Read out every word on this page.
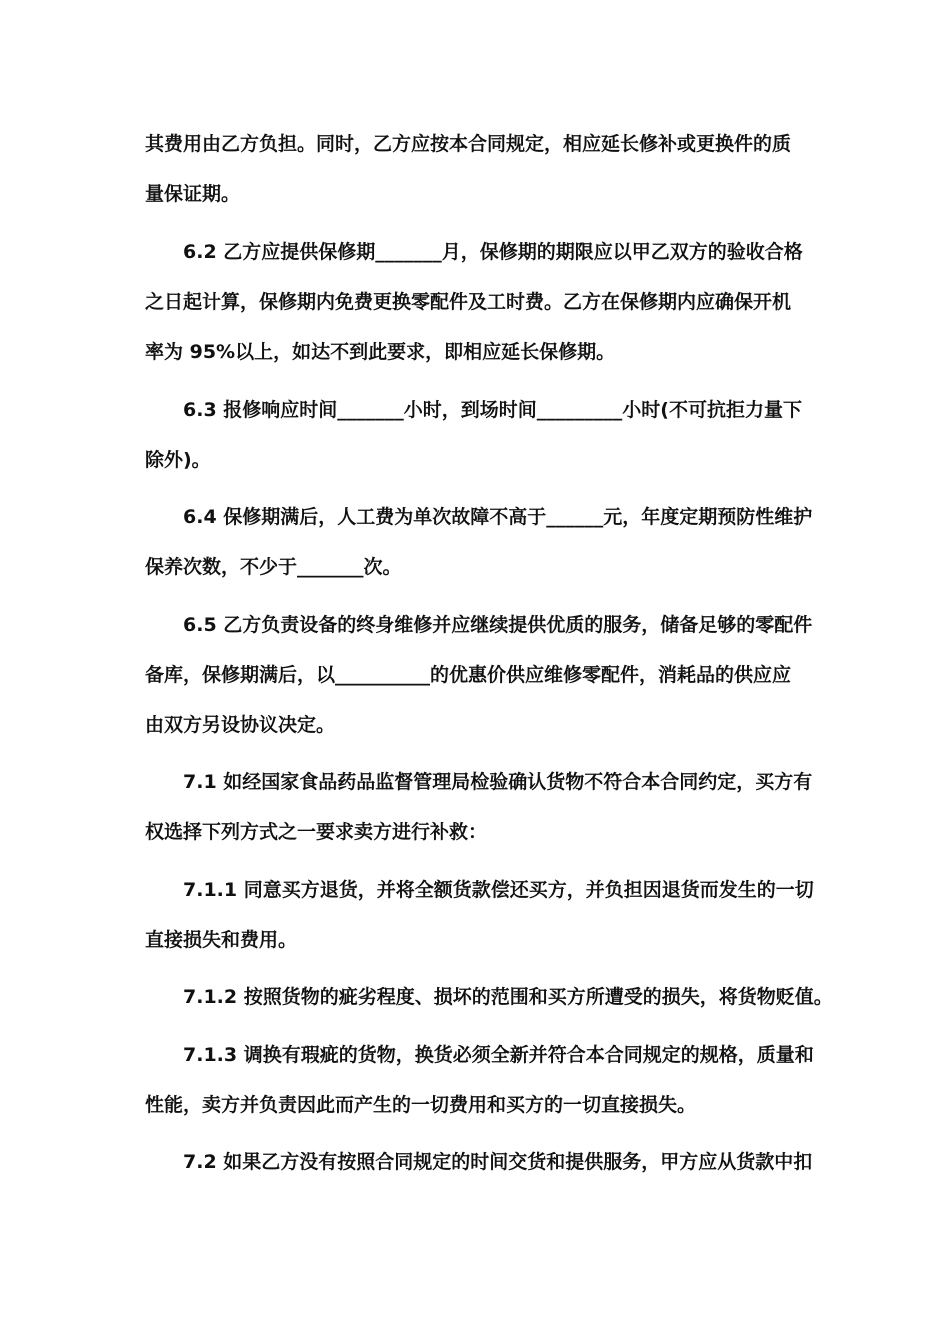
其费用由乙方负担。同时，乙方应按本合同规定，相应延长修补或更换件的质
量保证期。
6.2 乙方应提供保修期_______月，保修期的期限应以甲乙双方的验收合格
之日起计算，保修期内免费更换零配件及工时费。乙方在保修期内应确保开机
率为 95%以上，如达不到此要求，即相应延长保修期。
6.3 报修响应时间_______小时，到场时间_________小时(不可抗拒力量下
除外)。
6.4 保修期满后，人工费为单次故障不高于______元，年度定期预防性维护
保养次数，不少于_______次。
6.5 乙方负责设备的终身维修并应继续提供优质的服务，储备足够的零配件
备库，保修期满后，以__________的优惠价供应维修零配件，消耗品的供应应
由双方另设协议决定。
7.1 如经国家食品药品监督管理局检验确认货物不符合本合同约定，买方有
权选择下列方式之一要求卖方进行补救：
7.1.1 同意买方退货，并将全额货款偿还买方，并负担因退货而发生的一切
直接损失和费用。
7.1.2 按照货物的疵劣程度、损坏的范围和买方所遭受的损失，将货物贬值。
7.1.3 调换有瑕疵的货物，换货必须全新并符合本合同规定的规格，质量和
性能，卖方并负责因此而产生的一切费用和买方的一切直接损失。
7.2 如果乙方没有按照合同规定的时间交货和提供服务，甲方应从货款中扣
